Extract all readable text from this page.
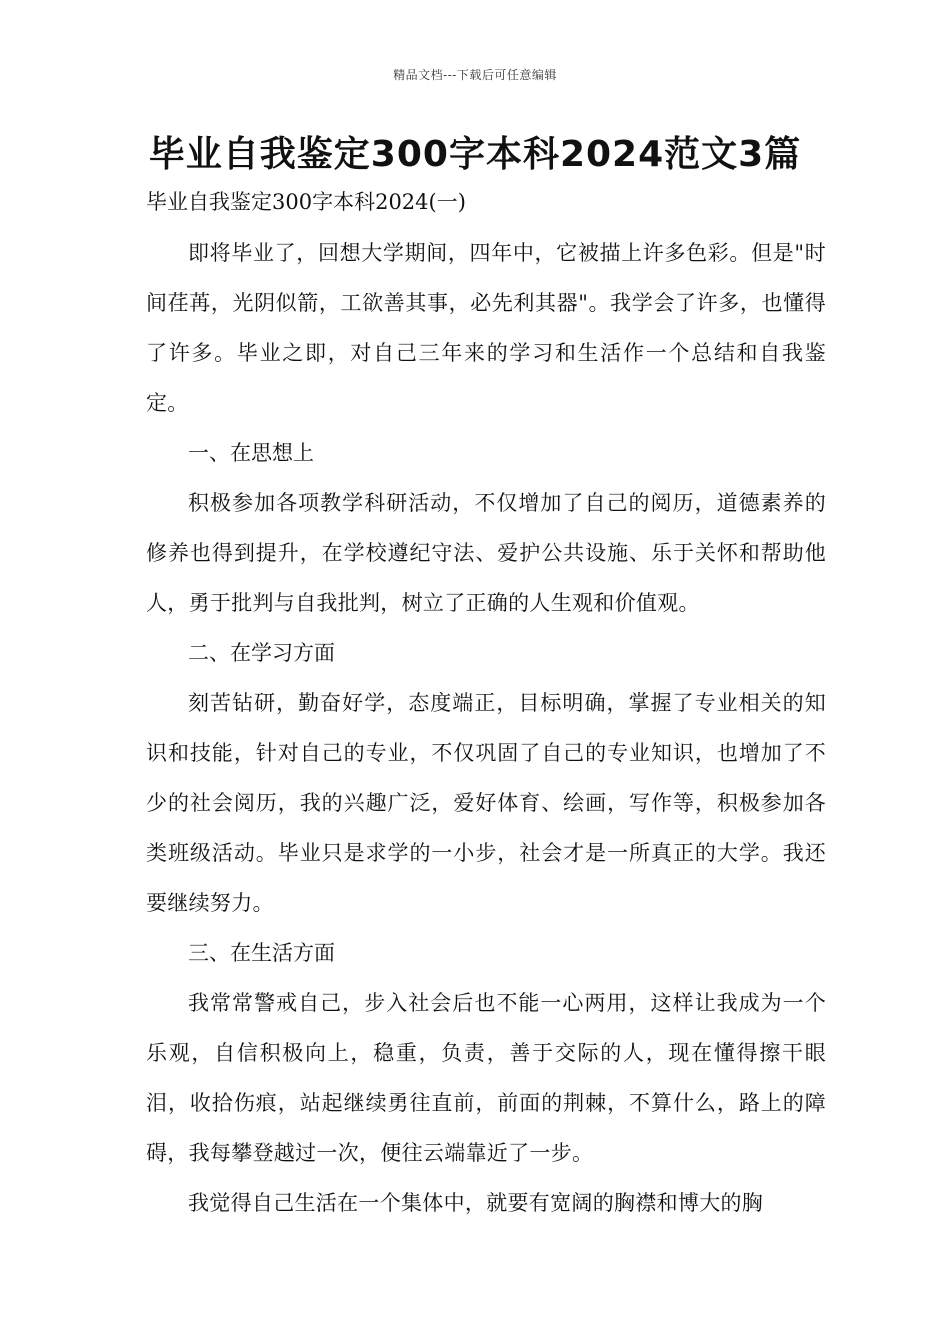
精品文档---下载后可任意编辑
毕业自我鉴定300字本科2024范文3篇
毕业自我鉴定300字本科2024(一)

即将毕业了，回想大学期间，四年中，它被描上许多色彩。但是"时间荏苒，光阴似箭，工欲善其事，必先利其器"。我学会了许多，也懂得了许多。毕业之即，对自己三年来的学习和生活作一个总结和自我鉴定。

一、在思想上

积极参加各项教学科研活动，不仅增加了自己的阅历，道德素养的修养也得到提升，在学校遵纪守法、爱护公共设施、乐于关怀和帮助他人，勇于批判与自我批判，树立了正确的人生观和价值观。

二、在学习方面

刻苦钻研，勤奋好学，态度端正，目标明确，掌握了专业相关的知识和技能，针对自己的专业，不仅巩固了自己的专业知识，也增加了不少的社会阅历，我的兴趣广泛，爱好体育、绘画，写作等，积极参加各类班级活动。毕业只是求学的一小步，社会才是一所真正的大学。我还要继续努力。

三、在生活方面

我常常警戒自己，步入社会后也不能一心两用，这样让我成为一个乐观，自信积极向上，稳重，负责，善于交际的人，现在懂得擦干眼泪，收拾伤痕，站起继续勇往直前，前面的荆棘，不算什么，路上的障碍，我每攀登越过一次，便往云端靠近了一步。

我觉得自己生活在一个集体中，就要有宽阔的胸襟和博大的胸
